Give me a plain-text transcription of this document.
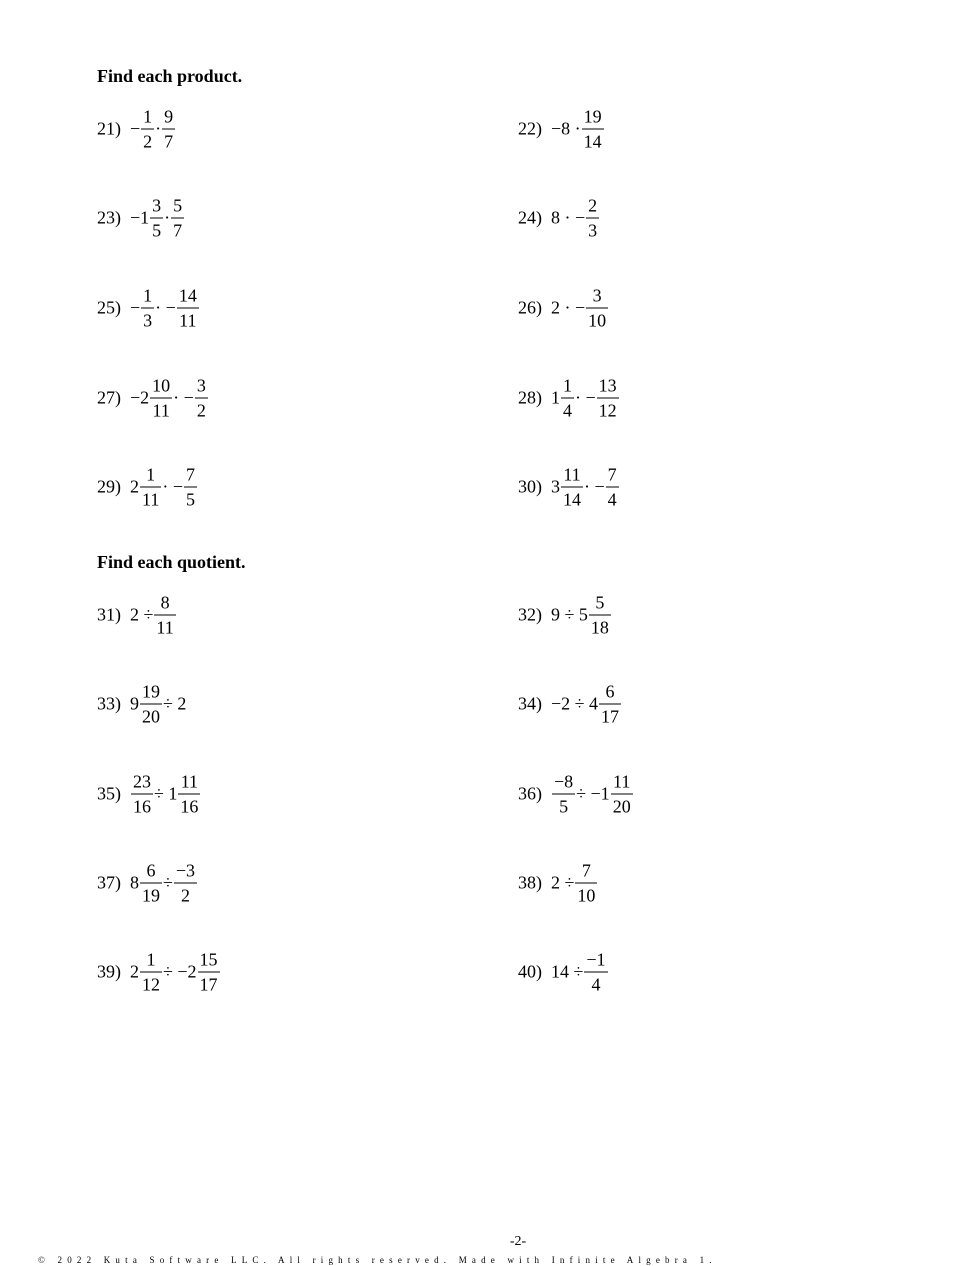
Find each product.
Find each quotient.
$21) - \frac{1}{2} \cdot \frac{9}{7}$	$22) -8 \cdot \frac{19}{14}$
$23) -1 \frac{3}{5} \cdot \frac{5}{7}$	24) 8 · − $\frac{2}{3}$
$25) - \frac{1}{3}$ · − $\frac{14}{11}$	26) 2 · − $\frac{3}{10}$
$27) -2 \frac{10}{11}$ · − $\frac{3}{2}$	28) $1 \frac{1}{4}$ · − $\frac{13}{12}$
29) $2 \frac{1}{11}$ · − $\frac{7}{5}$	30) $3 \frac{11}{14}$ · − $\frac{7}{4}$
31) $2 \div \frac{8}{11}$	32) $9 \div 5 \frac{5}{18}$
33) $9 \frac{19}{20} \div 2$	$34) -2 \div 4 \frac{6}{17}$
$35) \frac{23}{16} \div 1 \frac{11}{16}$	$36) \frac{-8}{5} \div -1 \frac{11}{20}$
37) $8 \frac{6}{19} \div \frac{-3}{2}$	38) $2 \div \frac{7}{10}$
39) $2 \frac{1}{12} \div -2 \frac{15}{17}$	40) $14 \div \frac{-1}{4}$
-2-
© 2022 Kuta Software LLC. All rights reserved. Made with Infinite Algebra 1.
